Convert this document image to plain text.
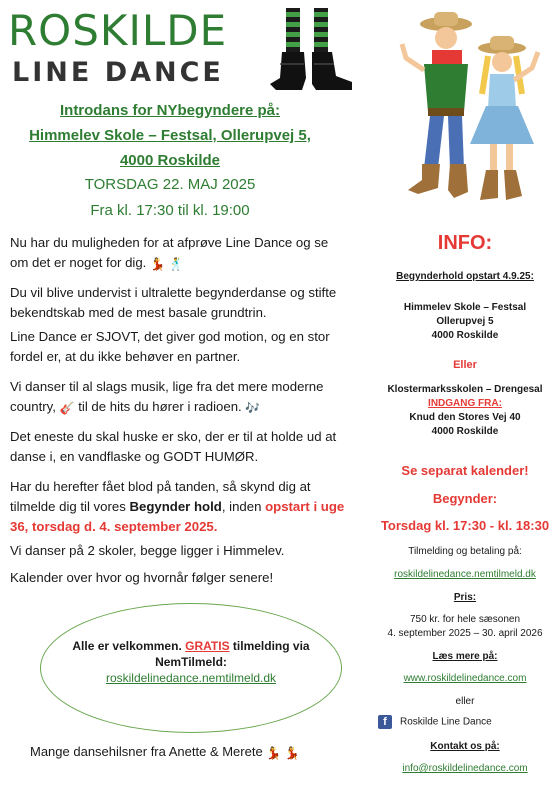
ROSKILDE
LINE DANCE
Introdans for NYbegyndere på:
Himmelev Skole – Festsal, Ollerupvej 5,
4000 Roskilde
TORSDAG 22. MAJ 2025
Fra kl. 17:30 til kl. 19:00

Nu har du muligheden for at afprøve Line Dance og se om det er noget for dig. 💃 🕺

Du vil blive undervist i ultralette begynderdanse og stifte bekendtskab med de mest basale grundtrin.
Line Dance er SJOVT, det giver god motion, og en stor fordel er, at du ikke behøver en partner.

Vi danser til al slags musik, lige fra det mere moderne country, 🎸 til de hits du hører i radioen. 🎶

Det eneste du skal huske er sko, der er til at holde ud at danse i, en vandflaske og GODT HUMØR.

Har du herefter fået blod på tanden, så skynd dig at tilmelde dig til vores Begynder hold, inden opstart i uge 36, torsdag d. 4. september 2025.

Vi danser på 2 skoler, begge ligger i Himmelev.
Kalender over hvor og hvornår følger senere!
Alle er velkommen. GRATIS tilmelding via NemTilmeld:
roskildelinedance.nemtilmeld.dk
Mange dansehilsner fra Anette & Merete 💃 💃
INFO:
Begynderhold opstart 4.9.25:
Himmelev Skole – Festsal
Ollerupvej 5
4000 Roskilde
Eller
Klostermarksskolen – Drengesal
INDGANG FRA:
Knud den Stores Vej 40
4000 Roskilde
Se separat kalender!
Begynder:
Torsdag kl. 17:30 - kl. 18:30
Tilmelding og betaling på:
roskildelinedance.nemtilmeld.dk
Pris:
750 kr. for hele sæsonen
4. september 2025 – 30. april 2026
Læs mere på:
www.roskildelinedance.com
eller
f Roskilde Line Dance
Kontakt os på:
info@roskildelinedance.com
